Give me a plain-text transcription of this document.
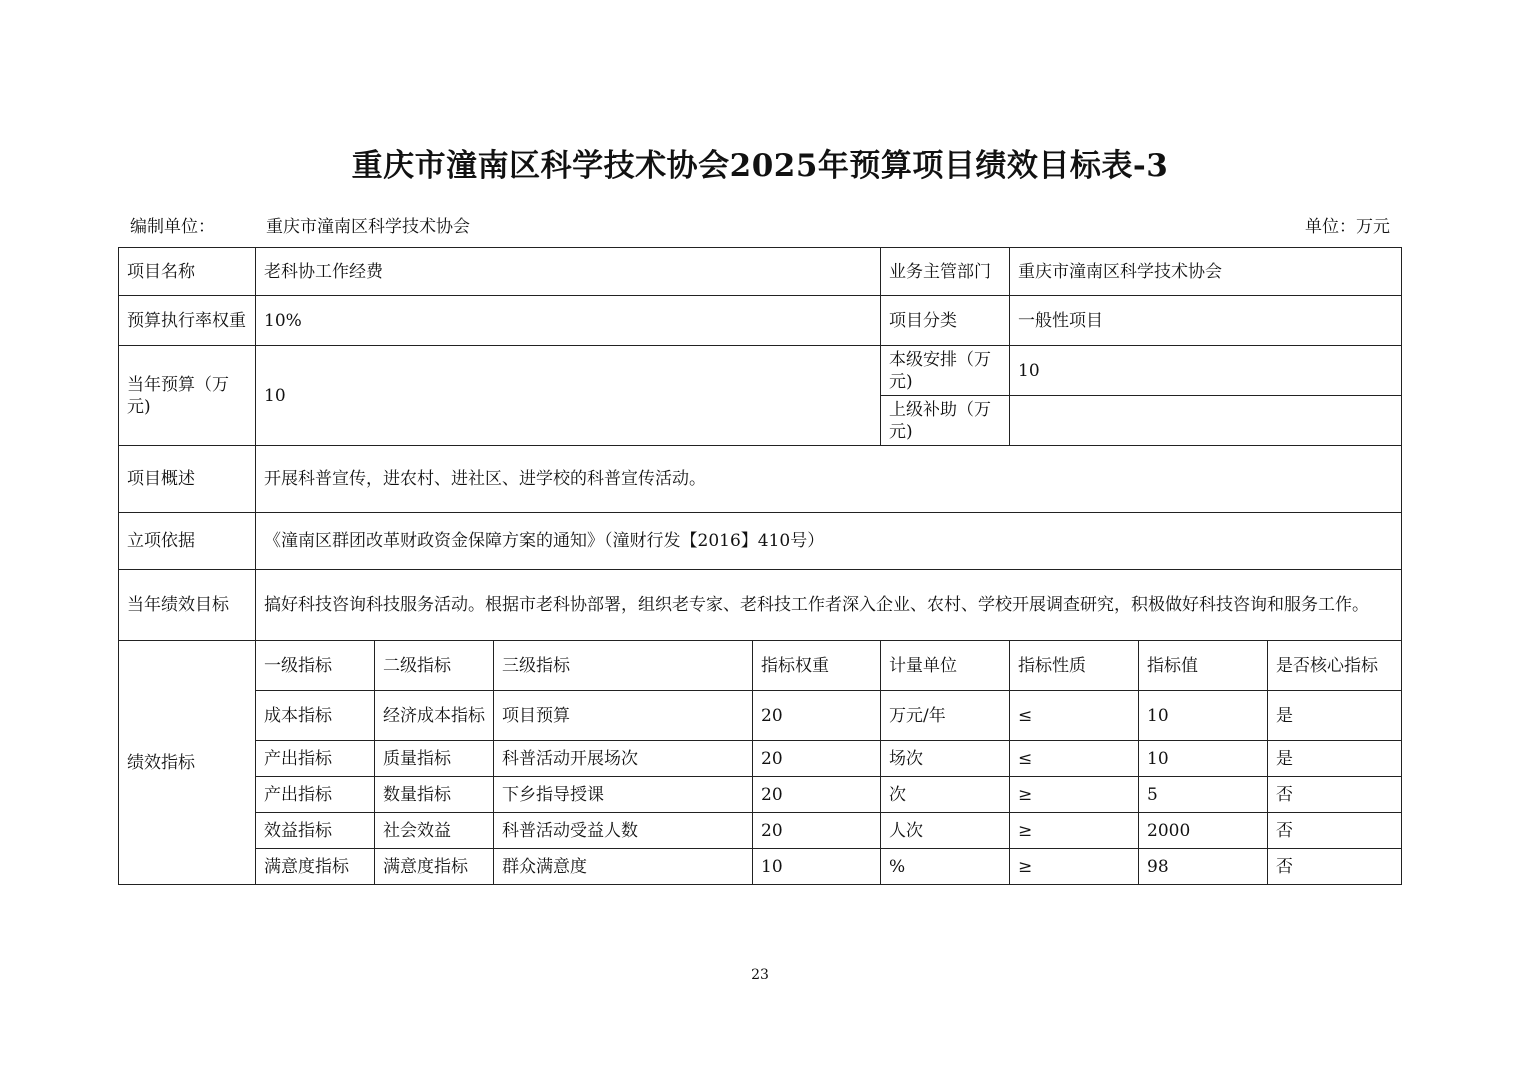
重庆市潼南区科学技术协会2025年预算项目绩效目标表-3
编制单位：	重庆市潼南区科学技术协会	单位：万元
项目名称	老科协工作经费				业务主管部门	重庆市潼南区科学技术协会		
预算执行率权重	10%				项目分类	一般性项目		
当年预算（万元)	10				本级安排（万元)	10		
					上级补助（万元)			
项目概述	开展科普宣传，进农村、进社区、进学校的科普宣传活动。							
立项依据	《潼南区群团改革财政资金保障方案的通知》（潼财行发【2016】410号）							
当年绩效目标	搞好科技咨询科技服务活动。根据市老科协部署，组织老专家、老科技工作者深入企业、农村、学校开展调查研究，积极做好科技咨询和服务工作。							
绩效指标	一级指标	二级指标	三级指标	指标权重	计量单位	指标性质	指标值	是否核心指标
	成本指标	经济成本指标	项目预算	20	万元/年	≤	10	是
	产出指标	质量指标	科普活动开展场次	20	场次	≤	10	是
	产出指标	数量指标	下乡指导授课	20	次	≥	5	否
	效益指标	社会效益	科普活动受益人数	20	人次	≥	2000	否
	满意度指标	满意度指标	群众满意度	10	%	≥	98	否
23
